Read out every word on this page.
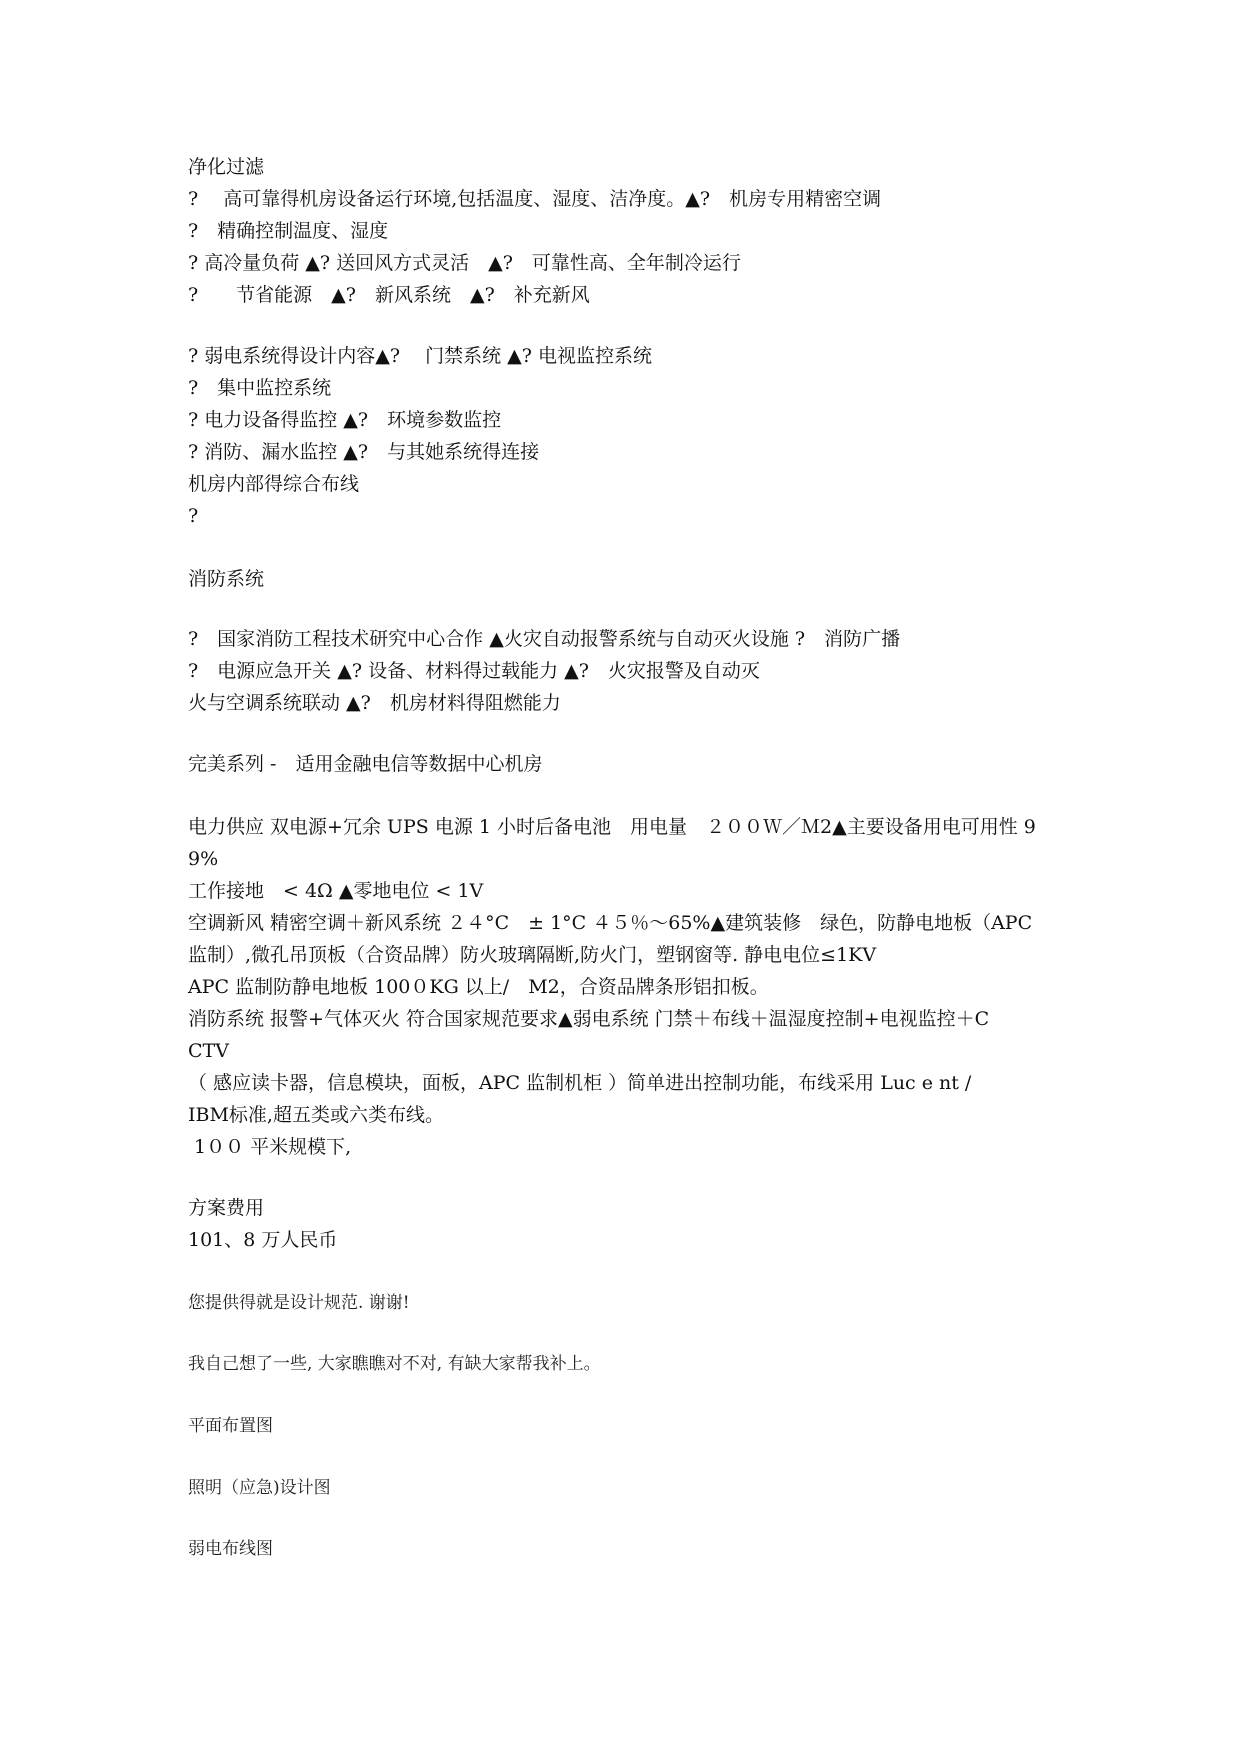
净化过滤

?　 高可靠得机房设备运行环境,包括温度、湿度、洁净度。▲?　机房专用精密空调

?　精确控制温度、湿度

? 高冷量负荷 ▲? 送回风方式灵活　▲?　可靠性高、全年制冷运行

?　　节省能源　▲?　新风系统　▲?　补充新风

? 弱电系统得设计内容▲?　 门禁系统 ▲? 电视监控系统

?　集中监控系统

? 电力设备得监控 ▲?　环境参数监控

? 消防、漏水监控 ▲?　与其她系统得连接

机房内部得综合布线

?

消防系统

?　国家消防工程技术研究中心合作 ▲火灾自动报警系统与自动灭火设施 ?　消防广播

?　电源应急开关 ▲? 设备、材料得过载能力 ▲?　火灾报警及自动灭

火与空调系统联动 ▲?　机房材料得阻燃能力

完美系列 -　适用金融电信等数据中心机房

电力供应 双电源+冗余 UPS 电源 1 小时后备电池　用电量　２００Ｗ／Ｍ2▲主要设备用电可用性 9

9%

工作接地　< 4Ω ▲零地电位 < 1V

空调新风 精密空调＋新风系统 ２４°C　± 1°C ４５％～65%▲建筑装修　绿色，防静电地板（APC

监制）,微孔吊顶板（合资品牌）防火玻璃隔断,防火门，塑钢窗等. 静电电位≤1KV

APC 监制防静电地板 100０KG 以上/　M2，合资品牌条形铝扣板。

消防系统 报警+气体灭火 符合国家规范要求▲弱电系统 门禁＋布线＋温湿度控制+电视监控＋C

CTV

（ 感应读卡器，信息模块，面板，APC 监制机柜 ）简单进出控制功能，布线采用 Luc e nt /

IBM标准,超五类或六类布线。

1００ 平米规模下,

方案费用

101、8 万人民币

您提供得就是设计规范. 谢谢!

我自己想了一些, 大家瞧瞧对不对, 有缺大家帮我补上。

平面布置图

照明（应急)设计图

弱电布线图
